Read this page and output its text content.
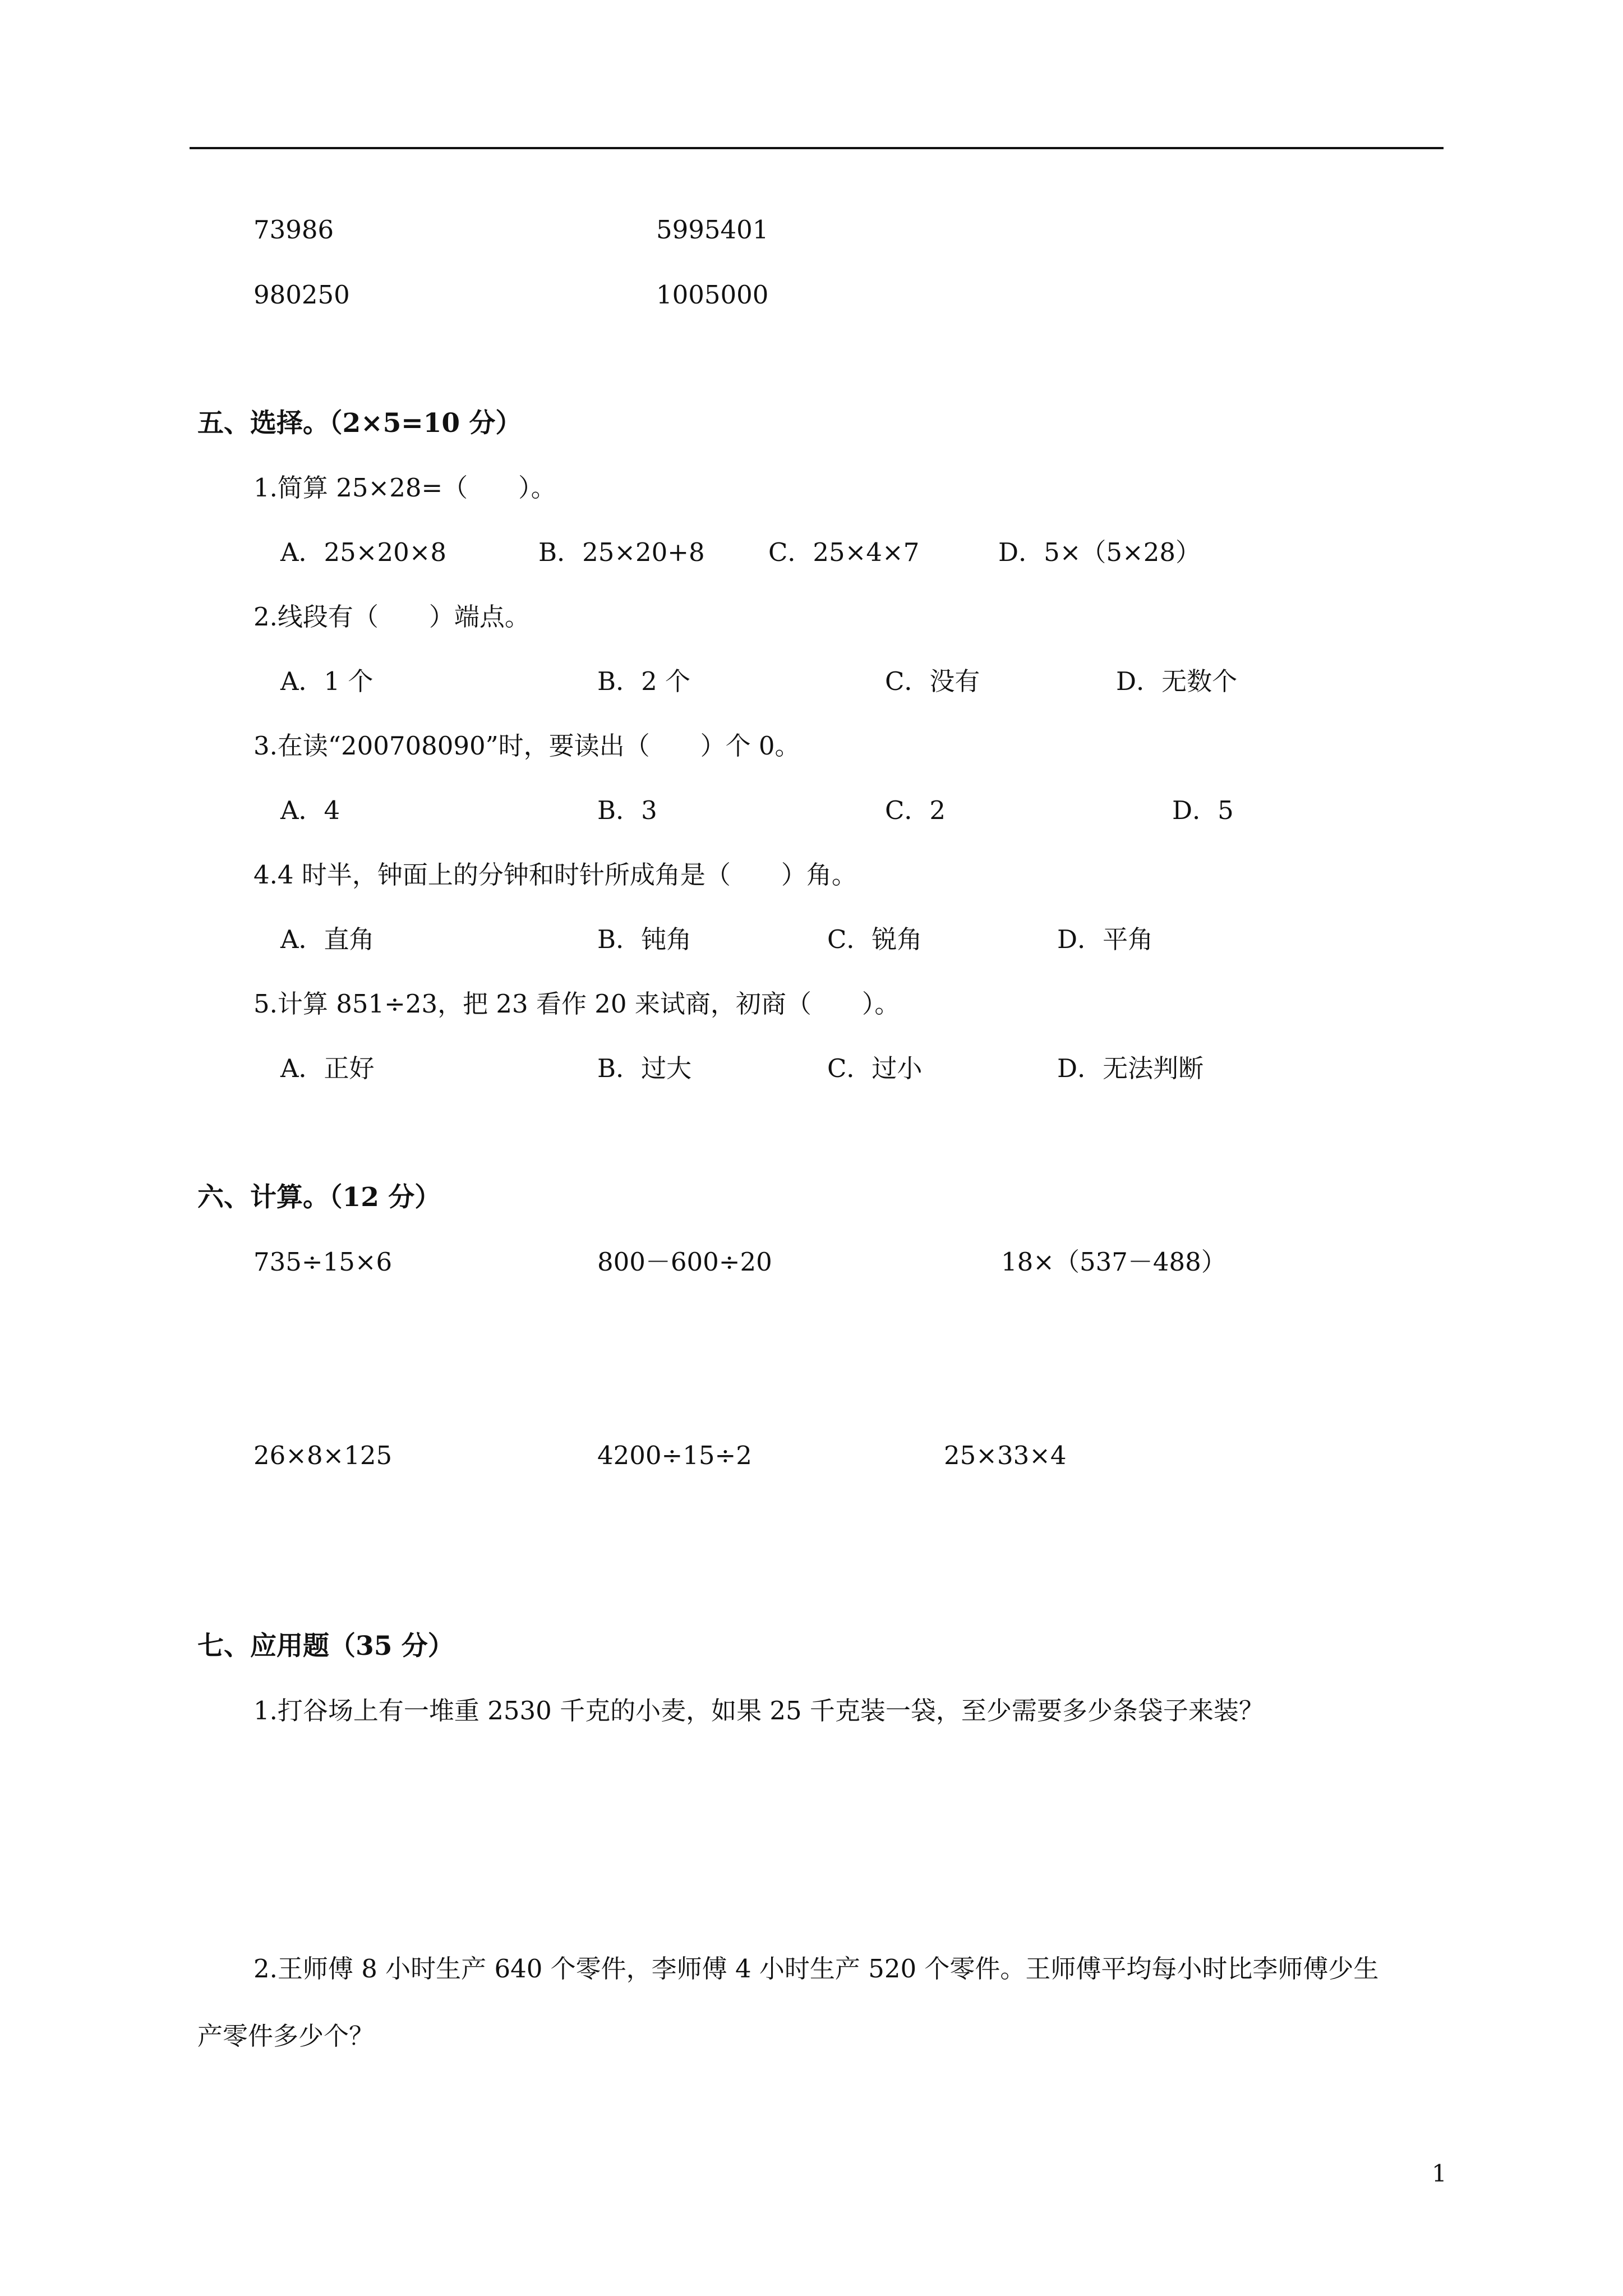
73986	5995401
980250	1005000
五、选择。（2×5=10 分）
1.简算 25×28=（　　）。
A．25×20×8	B．25×20+8	C．25×4×7	D．5×（5×28）
2.线段有（　　）端点。
A．1 个	B．2 个	C．没有	D．无数个
3.在读“200708090”时，要读出（　　）个 0。
A．4	B．3	C．2	D．5
4.4 时半，钟面上的分钟和时针所成角是（　　）角。
A．直角	B．钝角	C．锐角	D．平角
5.计算 851÷23，把 23 看作 20 来试商，初商（　　）。
A．正好	B．过大	C．过小	D．无法判断
六、计算。（12 分）
735÷15×6	800－600÷20	18×（537－488）
26×8×125	4200÷15÷2	25×33×4
七、应用题（35 分）
1.打谷场上有一堆重 2530 千克的小麦，如果 25 千克装一袋，至少需要多少条袋子来装？
2.王师傅 8 小时生产 640 个零件，李师傅 4 小时生产 520 个零件。王师傅平均每小时比李师傅少生
产零件多少个？
1
